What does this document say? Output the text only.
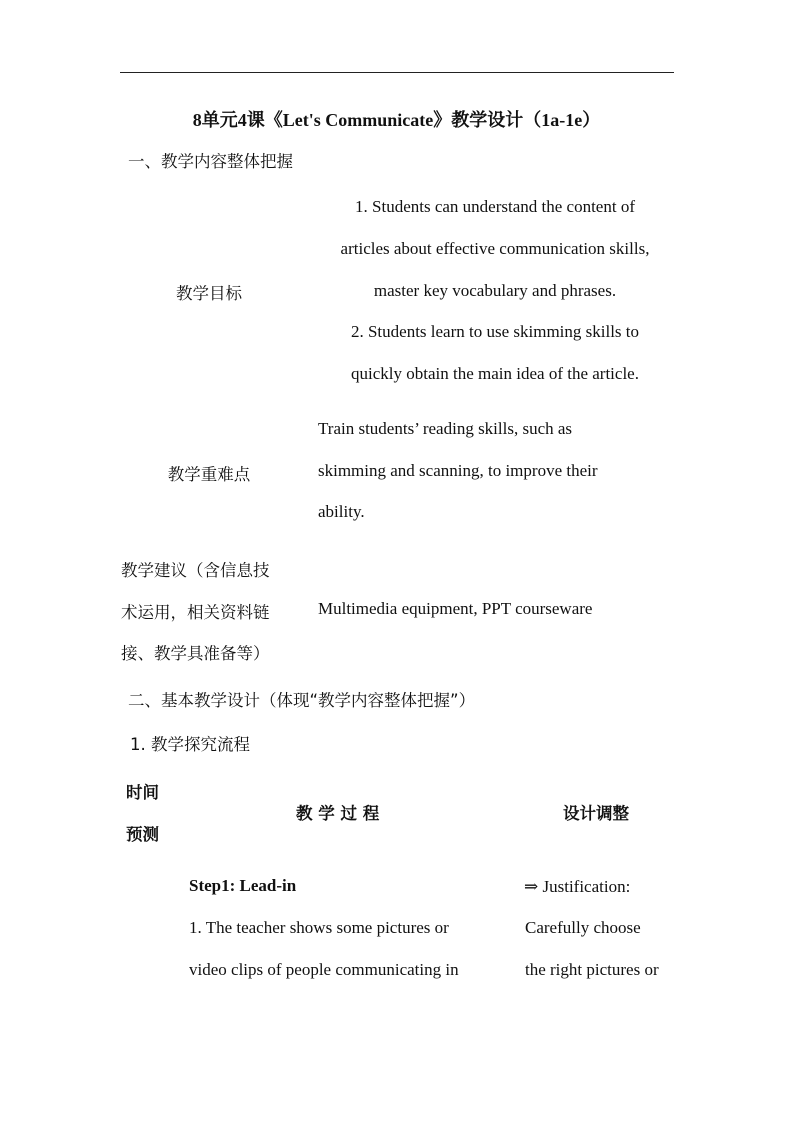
8单元4课《Let's Communicate》教学设计（1a-1e）
一、教学内容整体把握
教学目标
1. Students can understand the content of
articles about effective communication skills,
master key vocabulary and phrases.
2. Students learn to use skimming skills to
quickly obtain the main idea of the article.
教学重难点
Train students’ reading skills, such as
skimming and scanning, to improve their
ability.
教学建议（含信息技
术运用，相关资料链
接、教学具准备等）
Multimedia equipment, PPT courseware
二、基本教学设计（体现“教学内容整体把握”）
1. 教学探究流程
时间
预测
教 学 过 程	设计调整
Step1: Lead-in
1. The teacher shows some pictures or
video clips of people communicating in
⇒ Justification:
Carefully choose
the right pictures or
